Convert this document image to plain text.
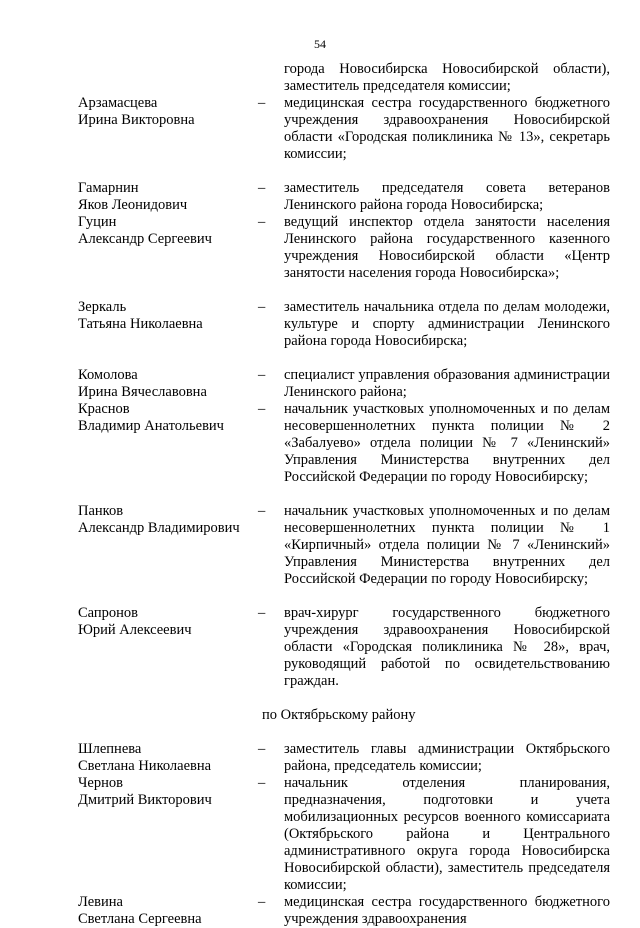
54
города Новосибирска Новосибирской области), заместитель председателя комиссии;
Арзамасцева
Ирина Викторовна
–	медицинская сестра государственного бюджетного учреждения здравоохранения Новосибирской области «Городская поликлиника № 13», секретарь комиссии;
Гамарнин
Яков Леонидович
–	заместитель председателя совета ветеранов Ленинского района города Новосибирска;
Гуцин
Александр Сергеевич
–	ведущий инспектор отдела занятости населения Ленинского района государственного казенного учреждения Новосибирской области «Центр занятости населения города Новосибирска»;
Зеркаль
Татьяна Николаевна
–	заместитель начальника отдела по делам молодежи, культуре и спорту администрации Ленинского района города Новосибирска;
Комолова
Ирина Вячеславовна
–	специалист управления образования администрации Ленинского района;
Краснов
Владимир Анатольевич
–	начальник участковых уполномоченных и по делам несовершеннолетних пункта полиции № 2 «Забалуево» отдела полиции № 7 «Ленинский» Управления Министерства внутренних дел Российской Федерации по городу Новосибирску;
Панков
Александр Владимирович
–	начальник участковых уполномоченных и по делам несовершеннолетних пункта полиции № 1 «Кирпичный» отдела полиции № 7 «Ленинский» Управления Министерства внутренних дел Российской Федерации по городу Новосибирску;
Сапронов
Юрий Алексеевич
–	врач-хирург государственного бюджетного учреждения здравоохранения Новосибирской области «Городская поликлиника № 28», врач, руководящий работой по освидетельствованию граждан.
по Октябрьскому району
Шлепнева
Светлана Николаевна
–	заместитель главы администрации Октябрьского района, председатель комиссии;
Чернов
Дмитрий Викторович
–	начальник отделения планирования, предназначения, подготовки и учета мобилизационных ресурсов военного комиссариата (Октябрьского района и Центрального административного округа города Новосибирска Новосибирской области), заместитель председателя комиссии;
Левина
Светлана Сергеевна
–	медицинская сестра государственного бюджетного учреждения здравоохранения
